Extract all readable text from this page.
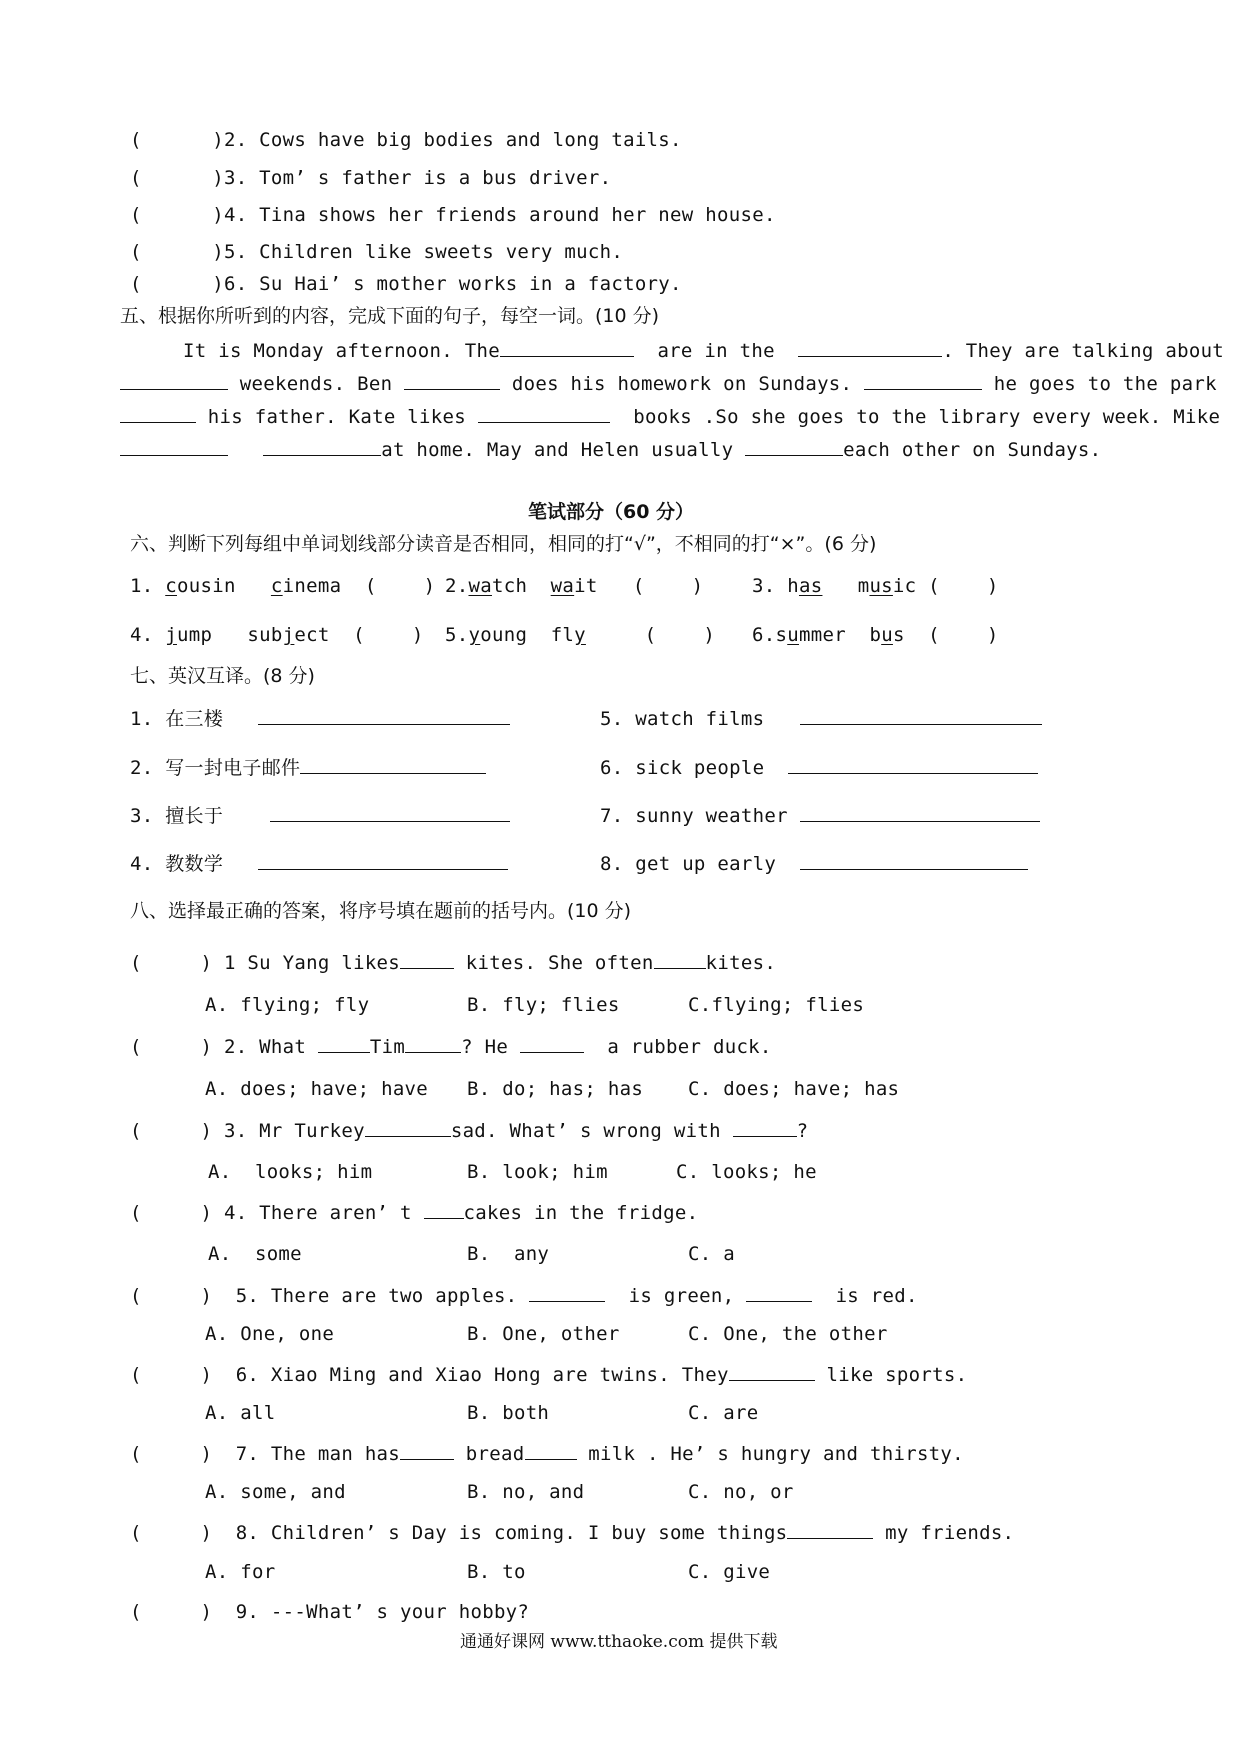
(	)2. Cows have big bodies and long tails.
(	)3. Tom’ s father is a bus driver.
(	)4. Tina shows her friends around her new house.
(	)5. Children like sweets very much.
(	)6. Su Hai’ s mother works in a factory.
五、根据你所听到的内容，完成下面的句子，每空一词。(10 分)
It is Monday afternoon. The	are in the	. They are talking about
weekends. Ben	does his homework on Sundays.	he goes to the park
his father. Kate likes	books .So she goes to the library every week. Mike
at home. May and Helen usually	each other on Sundays.
笔试部分（60 分）
六、判断下列每组中单词划线部分读音是否相同，相同的打“√”，不相同的打“×”。(6 分)
1. cousin cinema ( ) 2.watch wait ( )	3. has music ( )
4. jump subject ( ) 5.young fly	( ) 6.summer bus ( )
七、英汉互译。(8 分)
1. 在三楼	5. watch films
2. 写一封电子邮件	6. sick people
3. 擅长于	7. sunny weather
4. 教数学	8. get up early
八、选择最正确的答案，将序号填在题前的括号内。(10 分)
(	) 1 Su Yang likes	kites. She often	kites.
A. flying; fly	B. fly; flies	C.flying; flies
(	) 2. What	Tim	? He	a rubber duck.
A. does; have; have B. do; has; has C. does; have; has
(	) 3. Mr Turkey	sad. What’ s wrong with	?
A.  looks; him	B. look; him	C. looks; he
(	) 4. There aren’ t	cakes in the fridge.
A.  some	B.  any	C. a
(	) 5. There are two apples.	is green,	is red.
A. One, one	B. One, other	C. One, the other
(	) 6. Xiao Ming and Xiao Hong are twins. They	like sports.
A. all	B. both	C. are
(	) 7. The man has	bread	milk . He’ s hungry and thirsty.
A. some, and	B. no, and	C. no, or
(	) 8. Children’ s Day is coming. I buy some things	my friends.
A. for	B. to	C. give
(	) 9. ---What’ s your hobby?
通通好课网 www.tthaoke.com 提供下载
